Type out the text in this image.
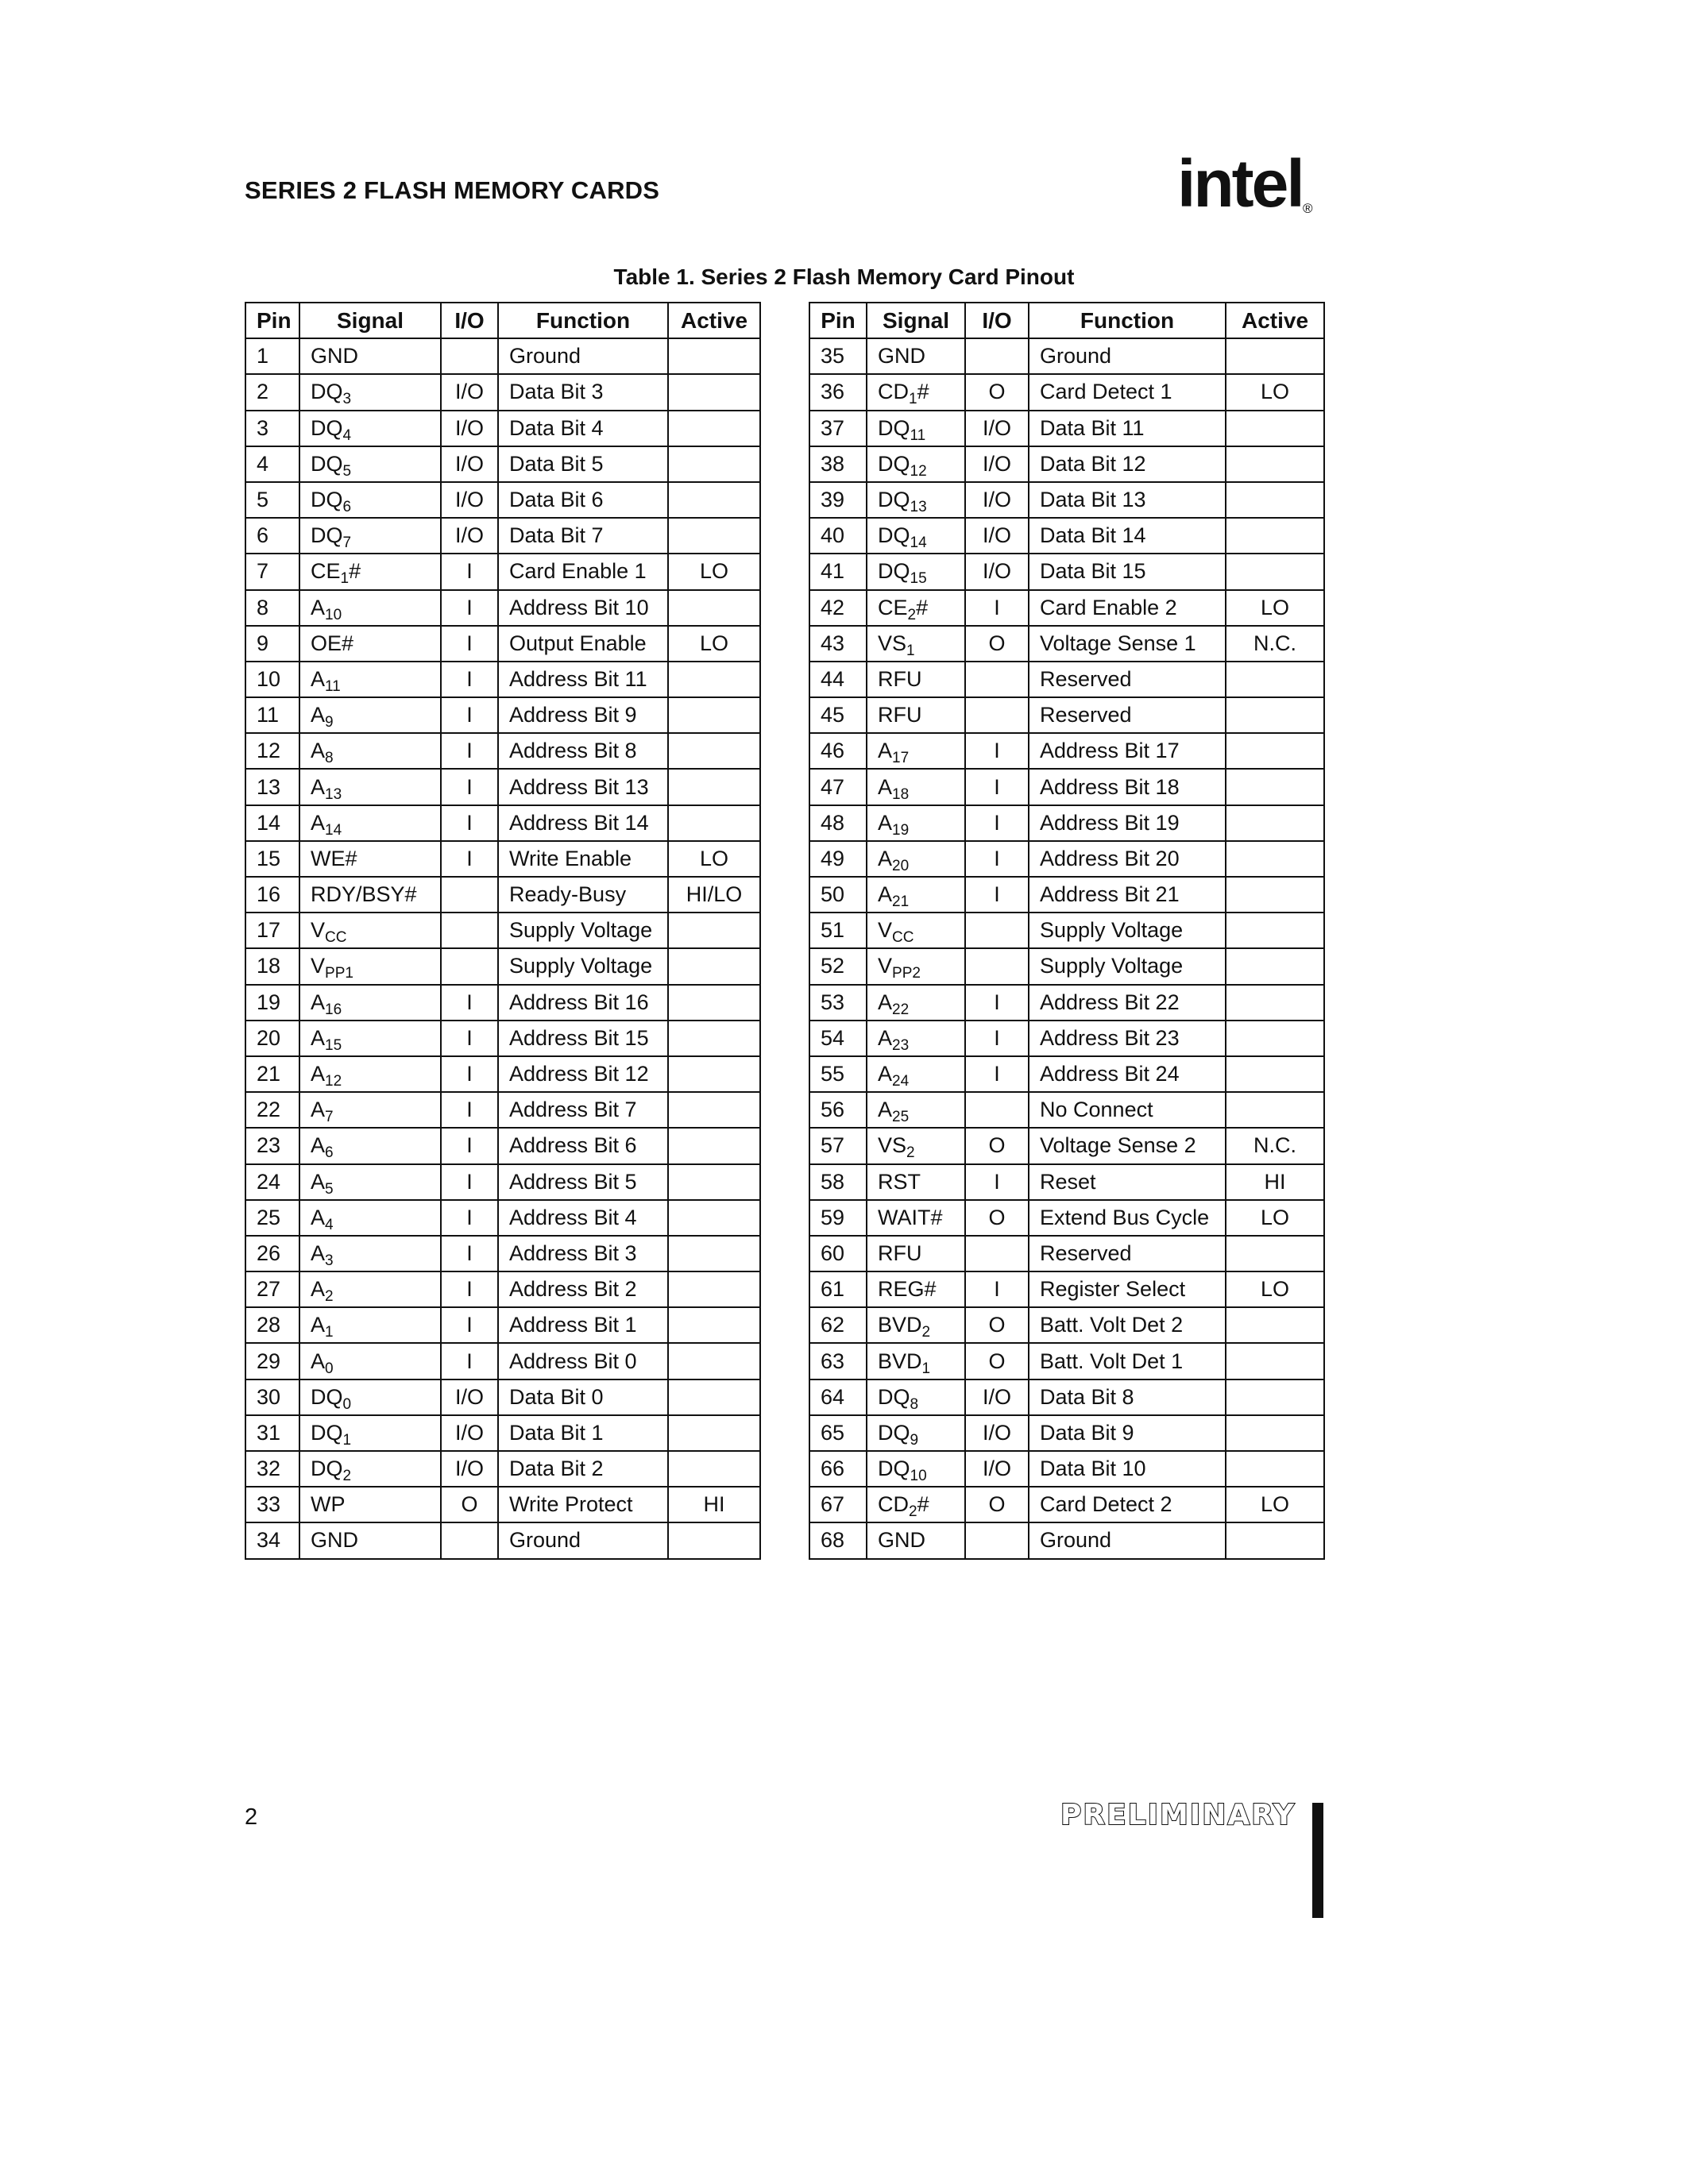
SERIES 2 FLASH MEMORY CARDS	intel ®
Table 1. Series 2 Flash Memory Card Pinout
Pin	Signal	I/O	Function	Active
1	GND		Ground	
2	$DQ_3$	I/O	Data Bit 3	
3	$DQ_4$	I/O	Data Bit 4	
4	$DQ_5$	I/O	Data Bit 5	
5	$DQ_6$	I/O	Data Bit 6	
6	$DQ_7$	I/O	Data Bit 7	
7	$CE_1\#$	I	Card Enable 1	LO
8	$A_{10}$	I	Address Bit 10	
9	OE#	I	Output Enable	LO
10	$A_{11}$	I	Address Bit 11	
11	$A_9$	I	Address Bit 9	
12	$A_8$	I	Address Bit 8	
13	$A_{13}$	I	Address Bit 13	
14	$A_{14}$	I	Address Bit 14	
15	WE#	I	Write Enable	LO
16	RDY/BSY#		Ready-Busy	HI/LO
17	$V_{CC}$		Supply Voltage	
18	$V_{PP1}$		Supply Voltage	
19	$A_{16}$	I	Address Bit 16	
20	$A_{15}$	I	Address Bit 15	
21	$A_{12}$	I	Address Bit 12	
22	$A_7$	I	Address Bit 7	
23	$A_6$	I	Address Bit 6	
24	$A_5$	I	Address Bit 5	
25	$A_4$	I	Address Bit 4	
26	$A_3$	I	Address Bit 3	
27	$A_2$	I	Address Bit 2	
28	$A_1$	I	Address Bit 1	
29	$A_0$	I	Address Bit 0	
30	$DQ_0$	I/O	Data Bit 0	
31	$DQ_1$	I/O	Data Bit 1	
32	$DQ_2$	I/O	Data Bit 2	
33	WP	O	Write Protect	HI
34	GND		Ground	
Pin	Signal	I/O	Function	Active
35	GND		Ground	
36	$CD_1\#$	O	Card Detect 1	LO
37	$DQ_{11}$	I/O	Data Bit 11	
38	$DQ_{12}$	I/O	Data Bit 12	
39	$DQ_{13}$	I/O	Data Bit 13	
40	$DQ_{14}$	I/O	Data Bit 14	
41	$DQ_{15}$	I/O	Data Bit 15	
42	$CE_2\#$	I	Card Enable 2	LO
43	$VS_1$	O	Voltage Sense 1	N.C.
44	RFU		Reserved	
45	RFU		Reserved	
46	$A_{17}$	I	Address Bit 17	
47	$A_{18}$	I	Address Bit 18	
48	$A_{19}$	I	Address Bit 19	
49	$A_{20}$	I	Address Bit 20	
50	$A_{21}$	I	Address Bit 21	
51	$V_{CC}$		Supply Voltage	
52	$V_{PP2}$		Supply Voltage	
53	$A_{22}$	I	Address Bit 22	
54	$A_{23}$	I	Address Bit 23	
55	$A_{24}$	I	Address Bit 24	
56	$A_{25}$		No Connect	
57	$VS_2$	O	Voltage Sense 2	N.C.
58	RST	I	Reset	HI
59	WAIT#	O	Extend Bus Cycle	LO
60	RFU		Reserved	
61	REG#	I	Register Select	LO
62	$BVD_2$	O	Batt. Volt Det 2	
63	$BVD_1$	O	Batt. Volt Det 1	
64	$DQ_8$	I/O	Data Bit 8	
65	$DQ_9$	I/O	Data Bit 9	
66	$DQ_{10}$	I/O	Data Bit 10	
67	$CD_2\#$	O	Card Detect 2	LO
68	GND		Ground	
2	PRELIMINARY
